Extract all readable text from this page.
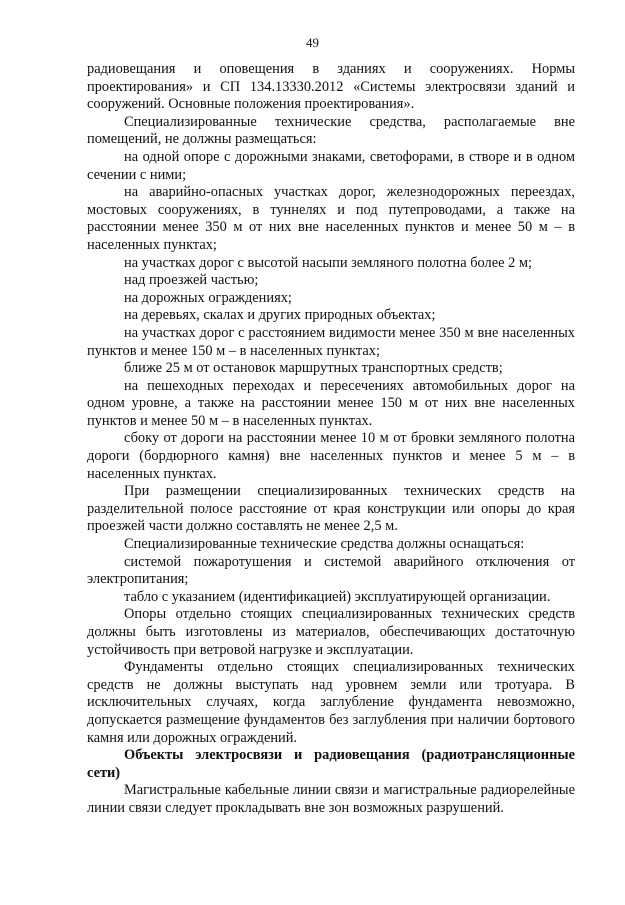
49

радиовещания и оповещения в зданиях и сооружениях. Нормы проектирования» и СП 134.13330.2012 «Системы электросвязи зданий и сооружений. Основные положения проектирования».

Специализированные технические средства, располагаемые вне помещений, не должны размещаться:

на одной опоре с дорожными знаками, светофорами, в створе и в одном сечении с ними;

на аварийно-опасных участках дорог, железнодорожных переездах, мостовых сооружениях, в туннелях и под путепроводами, а также на расстоянии менее 350 м от них вне населенных пунктов и менее 50 м – в населенных пунктах;

на участках дорог с высотой насыпи земляного полотна более 2 м;

над проезжей частью;

на дорожных ограждениях;

на деревьях, скалах и других природных объектах;

на участках дорог с расстоянием видимости менее 350 м вне населенных пунктов и менее 150 м – в населенных пунктах;

ближе 25 м от остановок маршрутных транспортных средств;

на пешеходных переходах и пересечениях автомобильных дорог на одном уровне, а также на расстоянии менее 150 м от них вне населенных пунктов и менее 50 м – в населенных пунктах.

сбоку от дороги на расстоянии менее 10 м от бровки земляного полотна дороги (бордюрного камня) вне населенных пунктов и менее 5 м – в населенных пунктах.

При размещении специализированных технических средств на разделительной полосе расстояние от края конструкции или опоры до края проезжей части должно составлять не менее 2,5 м.

Специализированные технические средства должны оснащаться:

системой пожаротушения и системой аварийного отключения от электропитания;

табло с указанием (идентификацией) эксплуатирующей организации.

Опоры отдельно стоящих специализированных технических средств должны быть изготовлены из материалов, обеспечивающих достаточную устойчивость при ветровой нагрузке и эксплуатации.

Фундаменты отдельно стоящих специализированных технических средств не должны выступать над уровнем земли или тротуара. В исключительных случаях, когда заглубление фундамента невозможно, допускается размещение фундаментов без заглубления при наличии бортового камня или дорожных ограждений.

Объекты электросвязи и радиовещания (радиотрансляционные сети)

Магистральные кабельные линии связи и магистральные радиорелейные линии связи следует прокладывать вне зон возможных разрушений.
